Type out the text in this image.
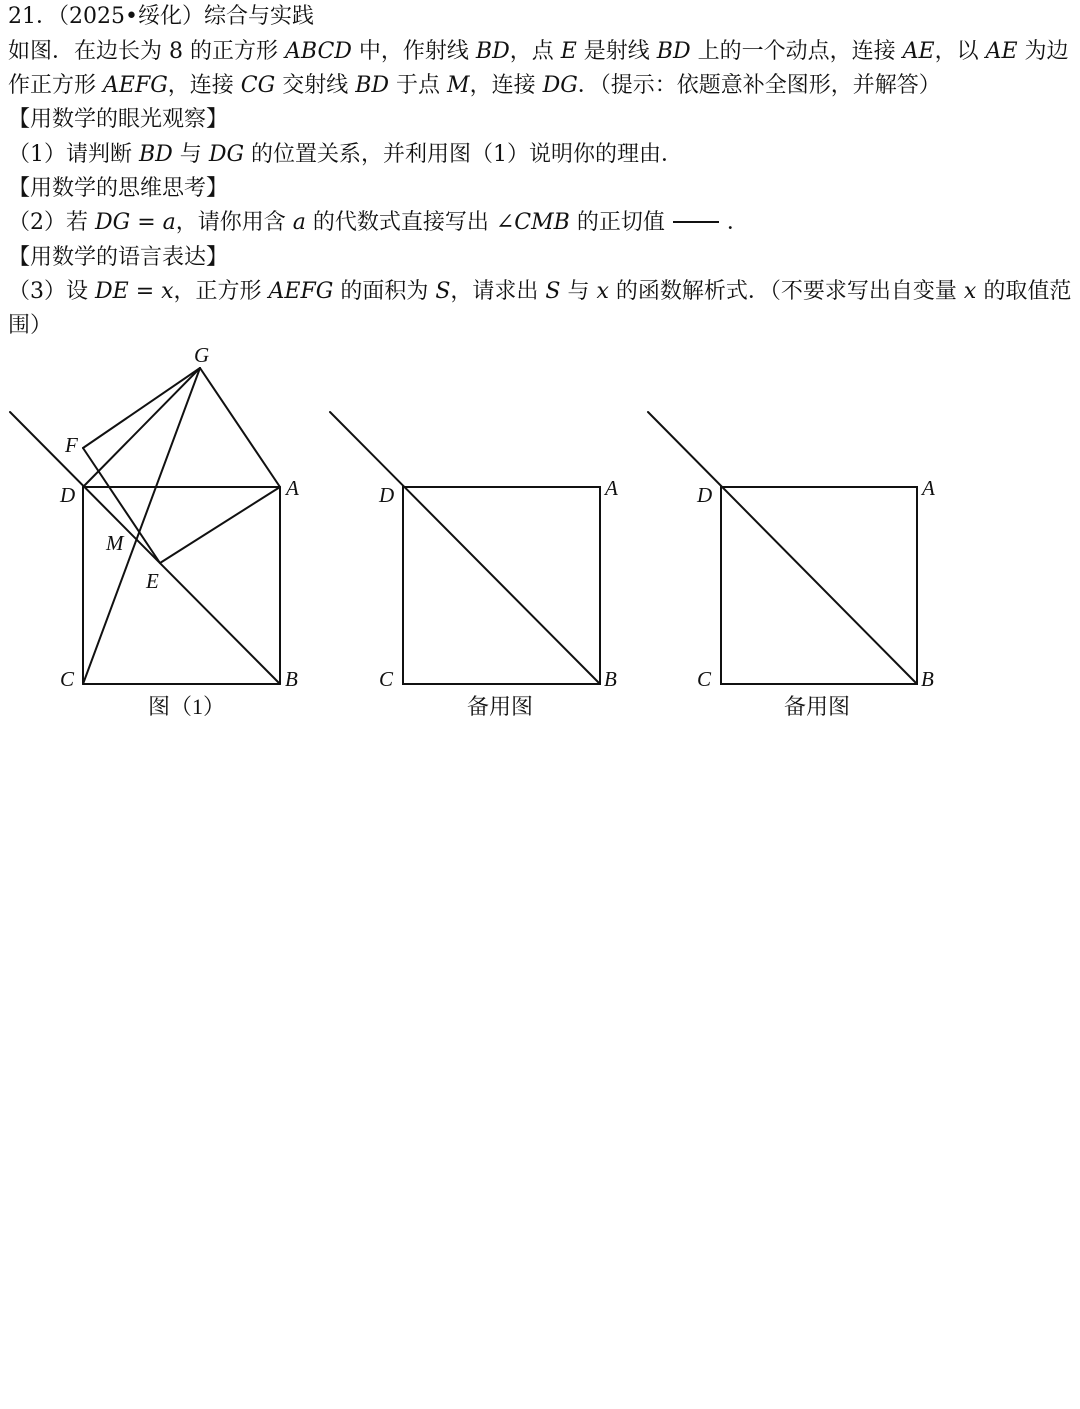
21．（2025•绥化）综合与实践
如图．在边长为 8 的正方形 ABCD 中，作射线 BD，点 E 是射线 BD 上的一个动点，连接 AE，以 AE 为边
作正方形 AEFG，连接 CG 交射线 BD 于点 M，连接 DG．（提示：依题意补全图形，并解答）
【用数学的眼光观察】
（1）请判断 BD 与 DG 的位置关系，并利用图（1）说明你的理由．
【用数学的思维思考】
（2）若 DG = a，请你用含 a 的代数式直接写出 ∠CMB 的正切值	．
【用数学的语言表达】
（3）设 DE = x，正方形 AEFG 的面积为 S，请求出 S 与 x 的函数解析式．（不要求写出自变量 x 的取值范
围）
G
F
D	A
M
E
C	B
图（1）
D	A
C	B
备用图
D	A
C	B
备用图
